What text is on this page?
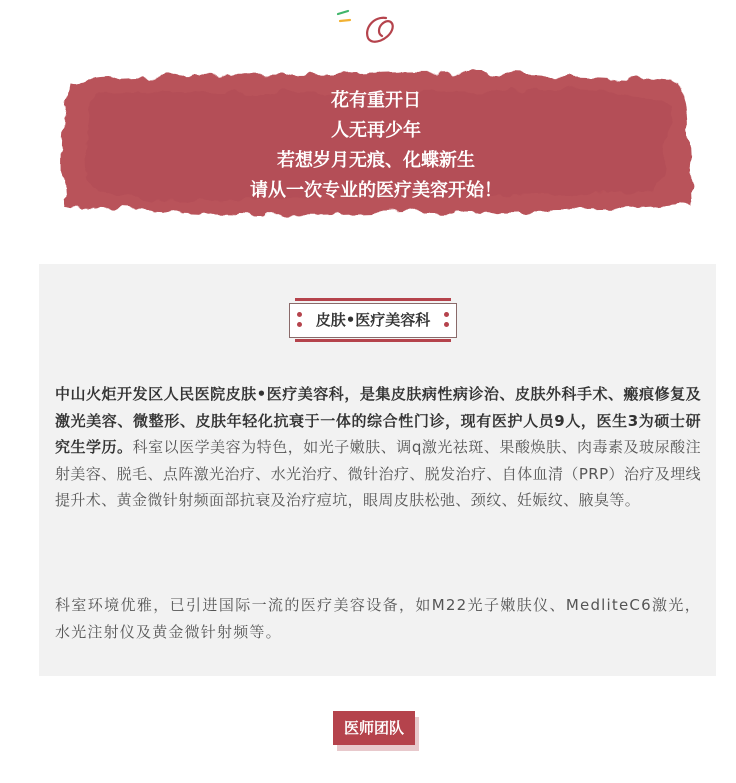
花有重开日
人无再少年
若想岁月无痕、化蝶新生
请从一次专业的医疗美容开始！
皮肤•医疗美容科
中山火炬开发区人民医院皮肤•医疗美容科，是集皮肤病性病诊治、皮肤外科手术、瘢痕修复及激光美容、微整形、皮肤年轻化抗衰于一体的综合性门诊，现有医护人员9人，医生3为硕士研究生学历。科室以医学美容为特色，如光子嫩肤、调q激光祛斑、果酸焕肤、肉毒素及玻尿酸注射美容、脱毛、点阵激光治疗、水光治疗、微针治疗、脱发治疗、自体血清（PRP）治疗及埋线提升术、黄金微针射频面部抗衰及治疗痘坑，眼周皮肤松弛、颈纹、妊娠纹、腋臭等。
科室环境优雅，已引进国际一流的医疗美容设备，如M22光子嫩肤仪、MedliteC6激光，水光注射仪及黄金微针射频等。
医师团队
